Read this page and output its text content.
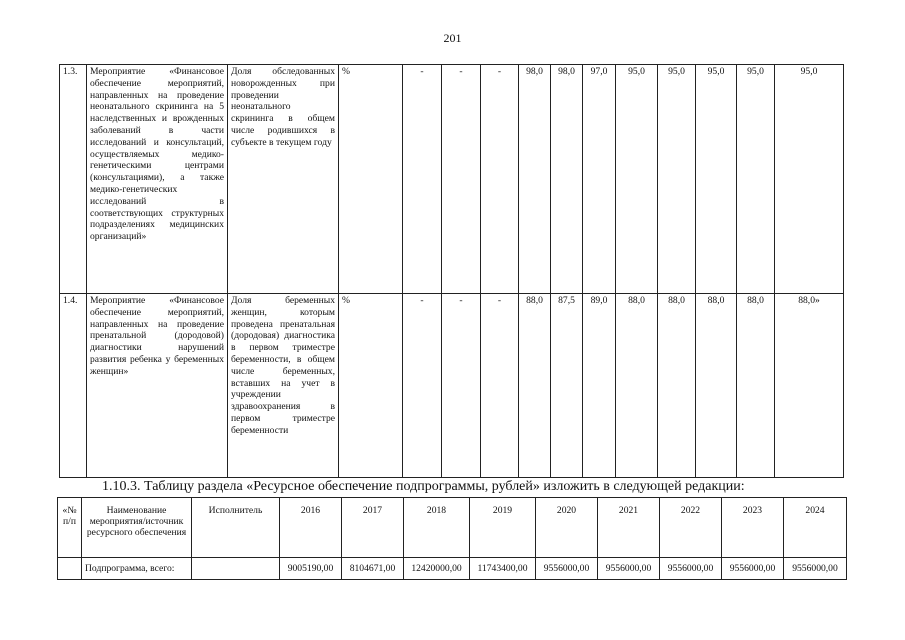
201
1.3.	Мероприятие «Финансовое обеспечение мероприятий, направленных на проведение неонатального скрининга на 5 наследственных и врожденных заболеваний в части исследований и консультаций, осуществляемых медико-генетическими центрами (консультациями), а также медико-генетических исследований в соответствующих структурных подразделениях медицинских организаций»	Доля обследованных новорожденных при проведении неонатального скрининга в общем числе родившихся в субъекте в текущем году	%	-	-	-	98,0	98,0	97,0	95,0	95,0	95,0	95,0	95,0
1.4.	Мероприятие «Финансовое обеспечение мероприятий, направленных на проведение пренатальной (дородовой) диагностики нарушений развития ребенка у беременных женщин»	Доля беременных женщин, которым проведена пренатальная (дородовая) диагностика в первом триместре беременности, в общем числе беременных, вставших на учет в учреждении здравоохранения в первом триместре беременности	%	-	-	-	88,0	87,5	89,0	88,0	88,0	88,0	88,0	88,0»
1.10.3. Таблицу раздела «Ресурсное обеспечение подпрограммы, рублей» изложить в следующей редакции:
«№ п/п	Наименование мероприятия/источник ресурсного обеспечения	Исполнитель	2016	2017	2018	2019	2020	2021	2022	2023	2024
	Подпрограмма, всего:		9005190,00	8104671,00	12420000,00	11743400,00	9556000,00	9556000,00	9556000,00	9556000,00	9556000,00
